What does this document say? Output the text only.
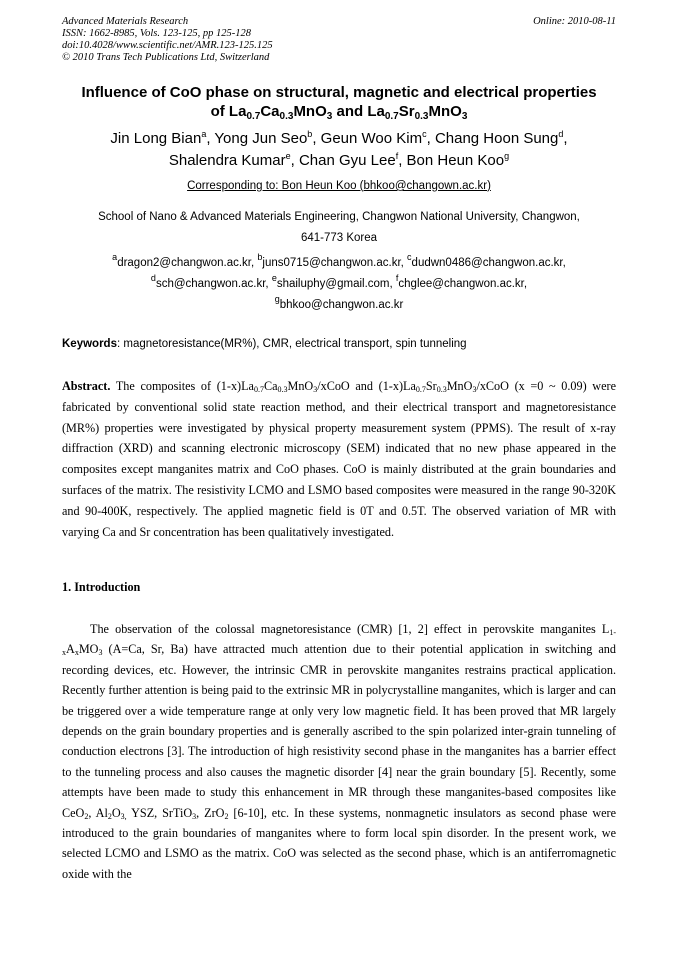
Advanced Materials Research	Online: 2010-08-11
ISSN: 1662-8985, Vols. 123-125, pp 125-128
doi:10.4028/www.scientific.net/AMR.123-125.125
© 2010 Trans Tech Publications Ltd, Switzerland
Influence of CoO phase on structural, magnetic and electrical properties
of $La_{0.7}Ca_{0.3}MnO_3$ and $La_{0.7}Sr_{0.3}MnO_3$
Jin Long Bian$^a$, Yong Jun Seo$^b$, Geun Woo Kim$^c$, Chang Hoon Sung$^d$,
Shalendra Kumar$^e$, Chan Gyu Lee$^f$, Bon Heun Koo$^g$
Corresponding to: Bon Heun Koo (bhkoo@changown.ac.kr)
School of Nano & Advanced Materials Engineering, Changwon National University, Changwon,
641-773 Korea
$^a$dragon2@changwon.ac.kr, $^b$juns0715@changwon.ac.kr, $^c$dudwn0486@changwon.ac.kr,
$^d$sch@changwon.ac.kr, $^e$shailuphy@gmail.com, $^f$chglee@changwon.ac.kr,
$^g$bhkoo@changwon.ac.kr
Keywords: magnetoresistance(MR%), CMR, electrical transport, spin tunneling
Abstract. The composites of $(1-x)La_{0.7}Ca_{0.3}MnO_3$/xCoO and $(1-x)La_{0.7}Sr_{0.3}MnO_3$/xCoO (x =0 ~ 0.09) were fabricated by conventional solid state reaction method, and their electrical transport and magnetoresistance (MR%) properties were investigated by physical property measurement system (PPMS). The result of x-ray diffraction (XRD) and scanning electronic microscopy (SEM) indicated that no new phase appeared in the composites except manganites matrix and CoO phases. CoO is mainly distributed at the grain boundaries and surfaces of the matrix. The resistivity LCMO and LSMO based composites were measured in the range 90-320K and 90-400K, respectively. The applied magnetic field is 0T and 0.5T. The observed variation of MR with varying Ca and Sr concentration has been qualitatively investigated.
1. Introduction
The observation of the colossal magnetoresistance (CMR) [1, 2] effect in perovskite manganites $L_{1-x}A_xMO_3$ (A=Ca, Sr, Ba) have attracted much attention due to their potential application in switching and recording devices, etc. However, the intrinsic CMR in perovskite manganites restrains practical application. Recently further attention is being paid to the extrinsic MR in polycrystalline manganites, which is larger and can be triggered over a wide temperature range at only very low magnetic field. It has been proved that MR largely depends on the grain boundary properties and is generally ascribed to the spin polarized inter-grain tunneling of conduction electrons [3]. The introduction of high resistivity second phase in the manganites has a barrier effect to the tunneling process and also causes the magnetic disorder [4] near the grain boundary [5]. Recently, some attempts have been made to study this enhancement in MR through these manganites-based composites like CeO$_2$, $Al_2O_{3,}$ YSZ, SrTiO$_3$, ZrO$_2$ [6-10], etc. In these systems, nonmagnetic insulators as second phase were introduced to the grain boundaries of manganites where to form local spin disorder. In the present work, we selected LCMO and LSMO as the matrix. CoO was selected as the second phase, which is an antiferromagnetic oxide with the
